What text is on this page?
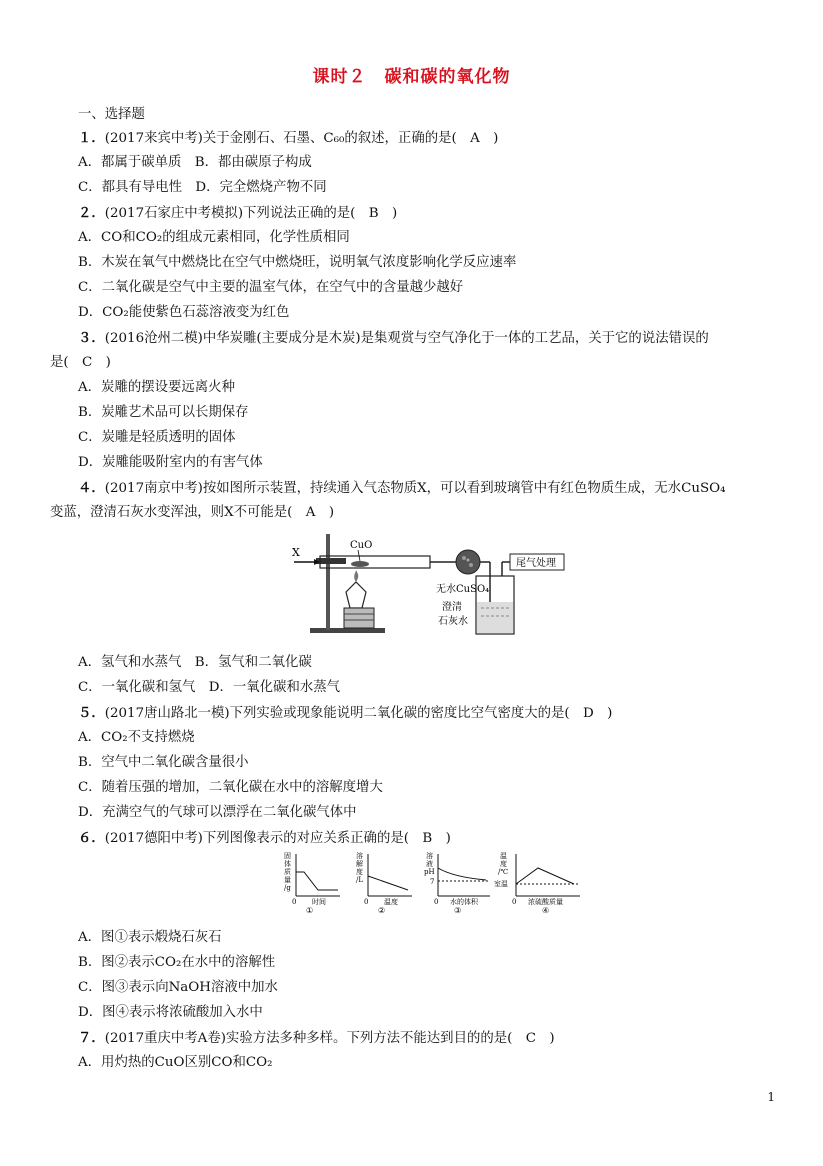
课时２　碳和碳的氧化物
一、选择题
１．(2017来宾中考)关于金刚石、石墨、C₆₀的叙述，正确的是(　A　)
A．都属于碳单质　B．都由碳原子构成
C．都具有导电性　D．完全燃烧产物不同
２．(2017石家庄中考模拟)下列说法正确的是(　B　)
A．CO和CO₂的组成元素相同，化学性质相同
B．木炭在氧气中燃烧比在空气中燃烧旺，说明氧气浓度影响化学反应速率
C．二氧化碳是空气中主要的温室气体，在空气中的含量越少越好
D．CO₂能使紫色石蕊溶液变为红色
３．(2016沧州二模)中华炭雕(主要成分是木炭)是集观赏与空气净化于一体的工艺品，关于它的说法错误的
是(　C　)
A．炭雕的摆设要远离火种
B．炭雕艺术品可以长期保存
C．炭雕是轻质透明的固体
D．炭雕能吸附室内的有害气体
４．(2017南京中考)按如图所示装置，持续通入气态物质X，可以看到玻璃管中有红色物质生成，无水CuSO₄
变蓝，澄清石灰水变浑浊，则X不可能是(　A　)
A．氢气和水蒸气　B．氢气和二氧化碳
C．一氧化碳和氢气　D．一氧化碳和水蒸气
５．(2017唐山路北一模)下列实验或现象能说明二氧化碳的密度比空气密度大的是(　D　)
A．CO₂不支持燃烧
B．空气中二氧化碳含量很小
C．随着压强的增加，二氧化碳在水中的溶解度增大
D．充满空气的气球可以漂浮在二氧化碳气体中
６．(2017德阳中考)下列图像表示的对应关系正确的是(　B　)
A．图①表示煅烧石灰石
B．图②表示CO₂在水中的溶解性
C．图③表示向NaOH溶液中加水
D．图④表示将浓硫酸加入水中
７．(2017重庆中考A卷)实验方法多种多样。下列方法不能达到目的的是(　C　)
A．用灼热的CuO区别CO和CO₂
X
CuO
无水CuSO₄
尾气处理
澄清
石灰水
固
体
质
量
/g
0 时间
①
溶
解
度
/L
0 温度
②
溶
液
pH
7
0 水的体积
③
温
度
/℃
室温
0 浓硫酸质量
④
1
